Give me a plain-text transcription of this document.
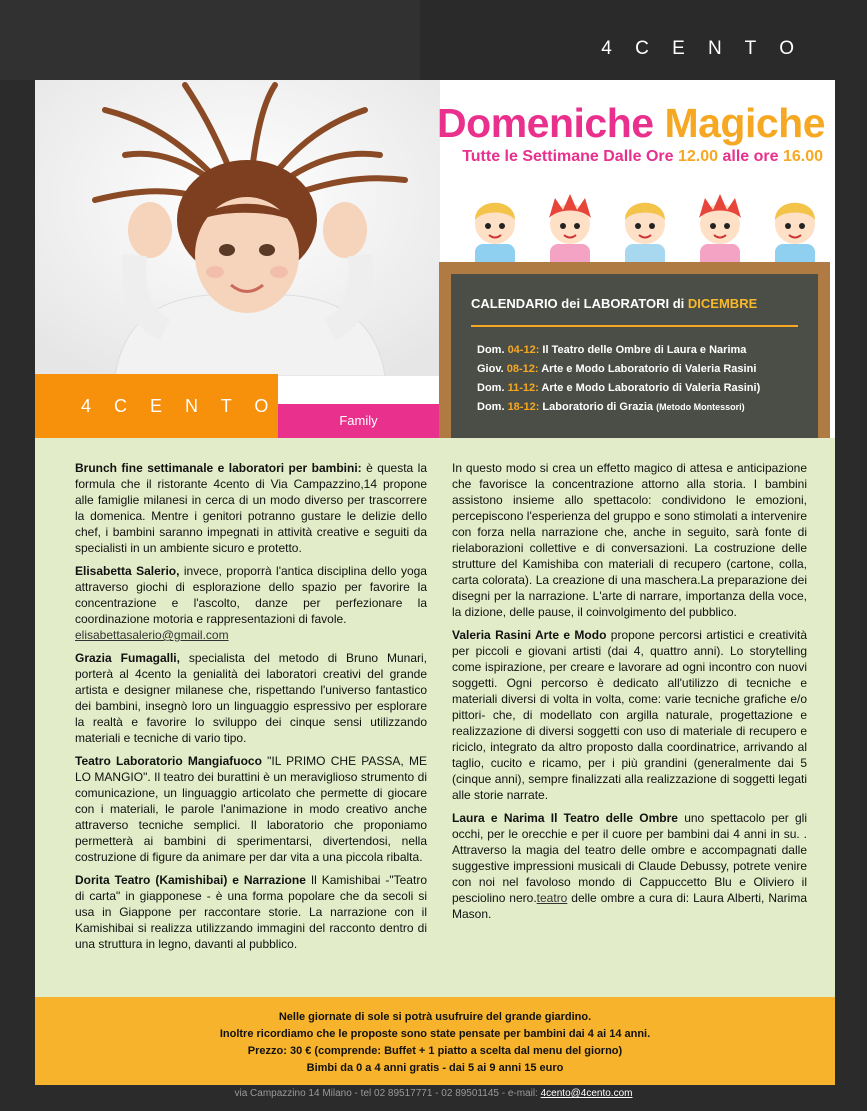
4 C E N T O
Domeniche Magiche
Tutte le Settimane Dalle Ore 12.00 alle ore 16.00
CALENDARIO dei LABORATORI di DICEMBRE
Dom. 04-12: Il Teatro delle Ombre di Laura e Narima
Giov. 08-12: Arte e Modo Laboratorio di Valeria Rasini
Dom. 11-12: Arte e Modo Laboratorio di Valeria Rasini)
Dom. 18-12: Laboratorio di Grazia (Metodo Montessori)
4 C E N T O
Family

Brunch fine settimanale e laboratori per bambini: è questa la formula che il ristorante 4cento di Via Campazzino,14 propone alle famiglie milanesi in cerca di un modo diverso per trascorrere la domenica. Mentre i genitori potranno gustare le delizie dello chef, i bambini saranno impegnati in attività creative e seguiti da specialisti in un ambiente sicuro e protetto.

Elisabetta Salerio, invece, proporrà l'antica disciplina dello yoga attraverso giochi di esplorazione dello spazio per favorire la concentrazione e l'ascolto, danze per perfezionare la coordinazione motoria e rappresentazioni di favole.
elisabettasalerio@gmail.com

Grazia Fumagalli, specialista del metodo di Bruno Munari, porterà al 4cento la genialità dei laboratori creativi del grande artista e designer milanese che, rispettando l'universo fantastico dei bambini, insegnò loro un linguaggio espressivo per esplorare la realtà e favorire lo sviluppo dei cinque sensi utilizzando materiali e tecniche di vario tipo.

Teatro Laboratorio Mangiafuoco "IL PRIMO CHE PASSA, ME LO MANGIO". Il teatro dei burattini è un meraviglioso strumento di comunicazione, un linguaggio articolato che permette di giocare con i materiali, le parole l'animazione in modo creativo anche attraverso tecniche semplici. Il laboratorio che proponiamo permetterà ai bambini di sperimentarsi, divertendosi, nella costruzione di figure da animare per dar vita a una piccola ribalta.

Dorita Teatro (Kamishibai) e Narrazione Il Kamishibai -"Teatro di carta" in giapponese - è una forma popolare che da secoli si usa in Giappone per raccontare storie. La narrazione con il Kamishibai si realizza utilizzando immagini del racconto dentro di una struttura in legno, davanti al pubblico.

In questo modo si crea un effetto magico di attesa e anticipazione che favorisce la concentrazione attorno alla storia. I bambini assistono insieme allo spettacolo: condividono le emozioni, percepiscono l'esperienza del gruppo e sono stimolati a intervenire con forza nella narrazione che, anche in seguito, sarà fonte di rielaborazioni collettive e di conversazioni. La costruzione delle strutture del Kamishiba con materiali di recupero (cartone, colla, carta colorata). La creazione di una maschera.La preparazione dei disegni per la narrazione. L'arte di narrare, importanza della voce, la dizione, delle pause, il coinvolgimento del pubblico.

Valeria Rasini Arte e Modo propone percorsi artistici e creatività per piccoli e giovani artisti (dai 4, quattro anni). Lo storytelling come ispirazione, per creare e lavorare ad ogni incontro con nuovi soggetti. Ogni percorso è dedicato all'utilizzo di tecniche e materiali diversi di volta in volta, come: varie tecniche grafiche e/o pittori- che, di modellato con argilla naturale, progettazione e realizzazione di diversi soggetti con uso di materiale di recupero e riciclo, integrato da altro proposto dalla coordinatrice, arrivando al taglio, cucito e ricamo, per i più grandini (generalmente dai 5 (cinque anni), sempre finalizzati alla realizzazione di soggetti legati alle storie narrate.

Laura e Narima Il Teatro delle Ombre uno spettacolo per gli occhi, per le orecchie e per il cuore per bambini dai 4 anni in su. . Attraverso la magia del teatro delle ombre e accompagnati dalle suggestive impressioni musicali di Claude Debussy, potrete venire con noi nel favoloso mondo di Cappuccetto Blu e Oliviero il pesciolino nero.teatro delle ombre a cura di: Laura Alberti, Narima Mason.

Nelle giornate di sole si potrà usufruire del grande giardino.
Inoltre ricordiamo che le proposte sono state pensate per bambini dai 4 ai 14 anni.
Prezzo: 30 € (comprende: Buffet + 1 piatto a scelta dal menu del giorno)
Bimbi da 0 a 4 anni gratis - dai 5 ai 9 anni 15 euro
via Campazzino 14 Milano - tel 02 89517771 - 02 89501145 - e-mail: 4cento@4cento.com
